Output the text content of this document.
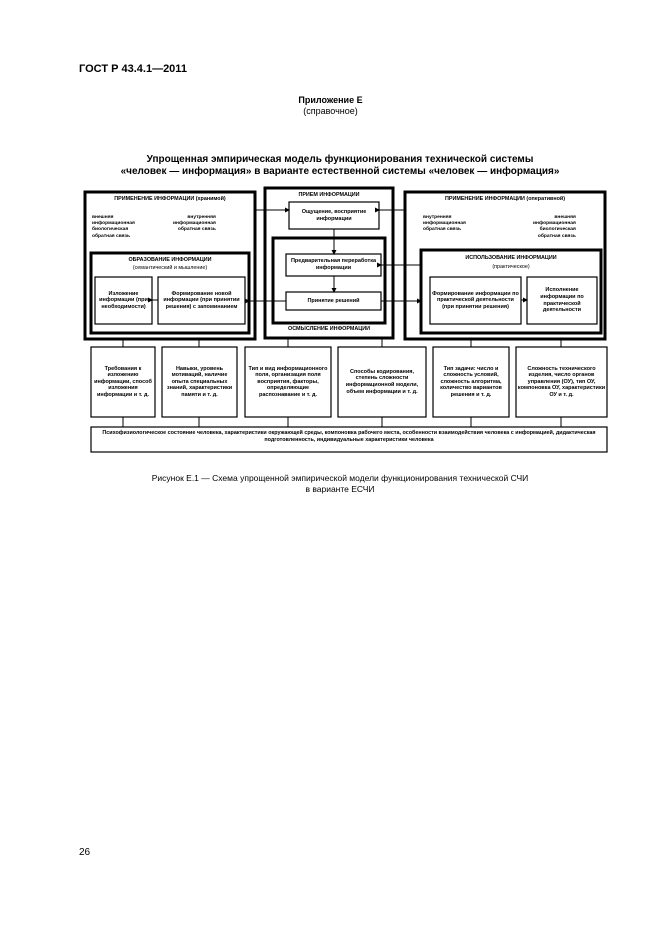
ГОСТ Р 43.4.1—2011
Приложение Е
(справочное)
Упрощенная эмпирическая модель функционирования технической системы
«человек — информация» в варианте естественной системы «человек — информация»
ПРИМЕНЕНИЕ ИНФОРМАЦИИ (хранимой)
внешняя
информационная
биологическая
обратная связь
внутренняя
информационная
обратная связь
ОБРАЗОВАНИЕ ИНФОРМАЦИИ
(семантический и мышление)
Изложение информации (при необходимости)
Формирование новой информации (при принятии решения) с запоминанием
ПРИЕМ ИНФОРМАЦИИ
Ощущение, восприятие информации
Предварительная переработка информации
Принятие решений
ОСМЫСЛЕНИЕ ИНФОРМАЦИИ
ПРИМЕНЕНИЕ ИНФОРМАЦИИ (оперативной)
внутренняя
информационная
обратная связь
внешняя
информационная
биологическая
обратная связь
ИСПОЛЬЗОВАНИЕ ИНФОРМАЦИИ
(практическое)
Формирование информации по практической деятельности (при принятии решения)
Исполнение информации по практической деятельности
Требования к изложению информации, способ изложения информации и т. д.
Навыки, уровень мотиваций, наличие опыта специальных знаний, характеристики памяти и т. д.
Тип и вид информационного поля, организация поля восприятия, факторы, определяющие распознавание и т. д.
Способы кодирования, степень сложности информационной модели, объем информации и т. д.
Тип задачи: число и сложность условий, сложность алгоритма, количество вариантов решения и т. д.
Сложность технического изделия, число органов управления (ОУ), тип ОУ, компоновка ОУ, характеристики ОУ и т. д.
Психофизиологическое состояние человека, характеристики окружающей среды, компоновка рабочего места, особенности взаимодействия человека с информацией, дидактическая подготовленность, индивидуальные характеристики человека
Рисунок Е.1 — Схема упрощенной эмпирической модели функционирования технической СЧИ
в варианте ЕСЧИ
26
